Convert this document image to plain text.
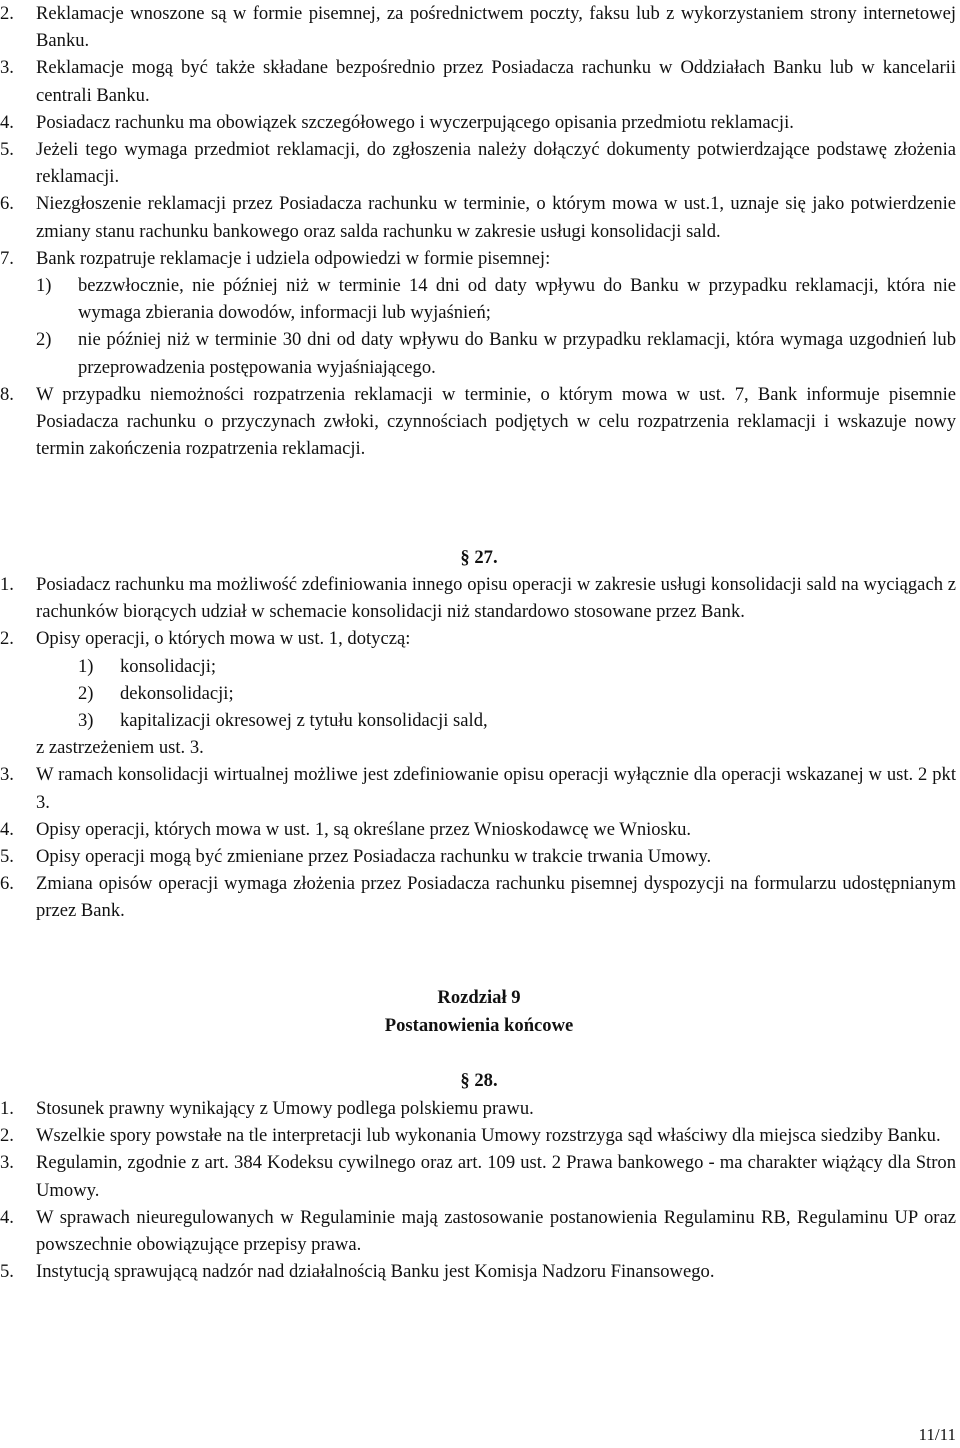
2.	Reklamacje wnoszone są w formie pisemnej, za pośrednictwem poczty, faksu lub z wykorzystaniem strony internetowej Banku.
3.	Reklamacje mogą być także składane bezpośrednio przez Posiadacza rachunku w Oddziałach Banku lub w kancelarii centrali Banku.
4.	Posiadacz rachunku ma obowiązek szczegółowego i wyczerpującego opisania przedmiotu reklamacji.
5.	Jeżeli tego wymaga przedmiot reklamacji, do zgłoszenia należy dołączyć dokumenty potwierdzające podstawę złożenia reklamacji.
6.	Niezgłoszenie reklamacji przez Posiadacza rachunku w terminie, o którym mowa w ust.1, uznaje się jako potwierdzenie zmiany stanu rachunku bankowego oraz salda rachunku w zakresie usługi konsolidacji sald.
7.	Bank rozpatruje reklamacje i udziela odpowiedzi w formie pisemnej:
1)	bezzwłocznie, nie później niż w terminie 14 dni od daty wpływu do Banku w przypadku reklamacji, która nie wymaga zbierania dowodów, informacji lub wyjaśnień;
2)	nie później niż w terminie 30 dni od daty wpływu do Banku w przypadku reklamacji, która wymaga uzgodnień lub przeprowadzenia postępowania wyjaśniającego.
8.	W przypadku niemożności rozpatrzenia reklamacji w terminie, o którym mowa w ust. 7, Bank informuje pisemnie Posiadacza rachunku o przyczynach zwłoki, czynnościach podjętych w celu rozpatrzenia reklamacji i wskazuje nowy termin zakończenia rozpatrzenia reklamacji.
§ 27.
1.	Posiadacz rachunku ma możliwość zdefiniowania innego opisu operacji w zakresie usługi konsolidacji sald na wyciągach z rachunków biorących udział w schemacie konsolidacji niż standardowo stosowane przez Bank.
2.	Opisy operacji, o których mowa w ust. 1, dotyczą:
1)	konsolidacji;
2)	dekonsolidacji;
3)	kapitalizacji okresowej z tytułu konsolidacji sald,
z zastrzeżeniem ust. 3.
3.	W ramach konsolidacji wirtualnej możliwe jest zdefiniowanie opisu operacji wyłącznie dla operacji wskazanej w ust. 2 pkt 3.
4.	Opisy operacji, których mowa w ust. 1, są określane przez Wnioskodawcę we Wniosku.
5.	Opisy operacji mogą być zmieniane przez Posiadacza rachunku w trakcie trwania Umowy.
6.	Zmiana opisów operacji wymaga złożenia przez Posiadacza rachunku pisemnej dyspozycji na formularzu udostępnianym przez Bank.
Rozdział 9
Postanowienia końcowe
§ 28.
1.	Stosunek prawny wynikający z Umowy podlega polskiemu prawu.
2.	Wszelkie spory powstałe na tle interpretacji lub wykonania Umowy rozstrzyga sąd właściwy dla miejsca siedziby Banku.
3.	Regulamin, zgodnie z art. 384 Kodeksu cywilnego oraz art. 109 ust. 2 Prawa bankowego - ma charakter wiążący dla Stron Umowy.
4.	W sprawach nieuregulowanych w Regulaminie mają zastosowanie postanowienia Regulaminu RB, Regulaminu UP oraz powszechnie obowiązujące przepisy prawa.
5.	Instytucją sprawującą nadzór nad działalnością Banku jest Komisja Nadzoru Finansowego.
11/11
